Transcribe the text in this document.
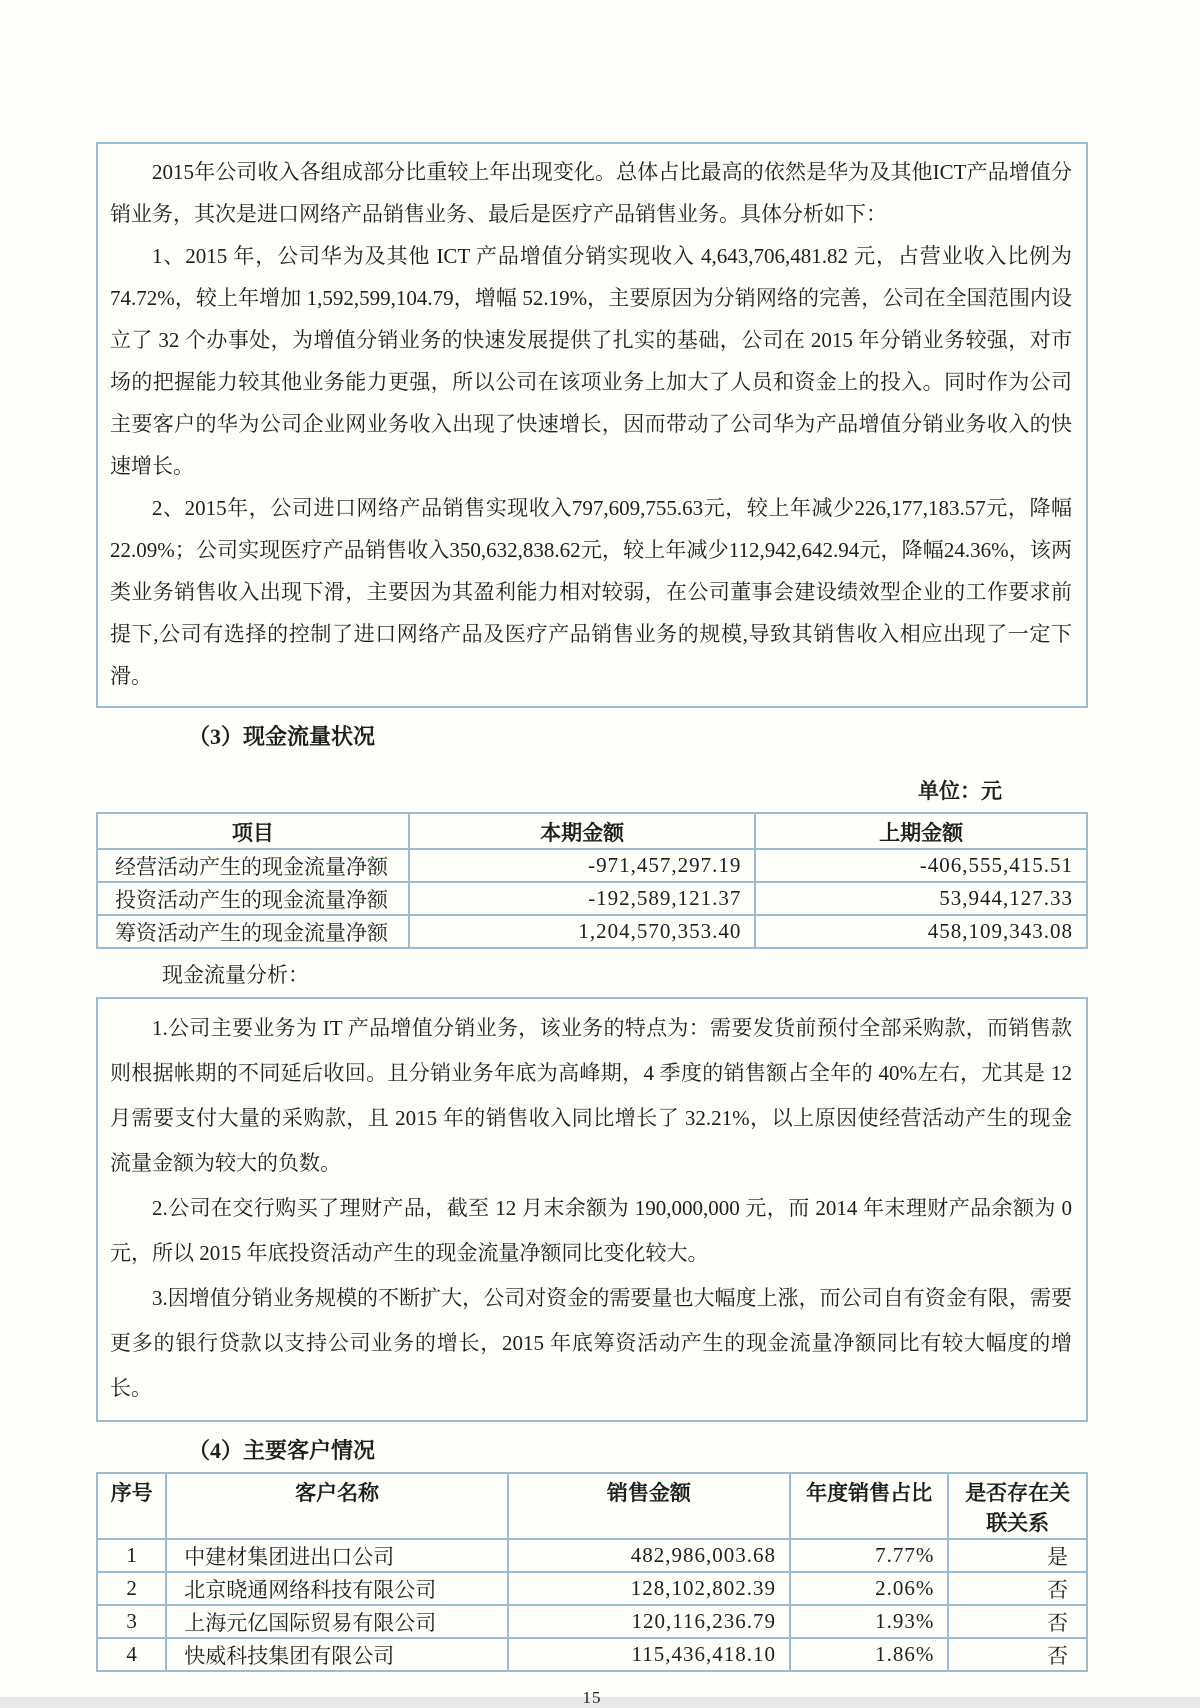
2015年公司收入各组成部分比重较上年出现变化。总体占比最高的依然是华为及其他ICT产品增值分销业务，其次是进口网络产品销售业务、最后是医疗产品销售业务。具体分析如下：

1、2015 年，公司华为及其他 ICT 产品增值分销实现收入 4,643,706,481.82 元，占营业收入比例为74.72%，较上年增加 1,592,599,104.79，增幅 52.19%，主要原因为分销网络的完善，公司在全国范围内设立了 32 个办事处，为增值分销业务的快速发展提供了扎实的基础，公司在 2015 年分销业务较强，对市场的把握能力较其他业务能力更强，所以公司在该项业务上加大了人员和资金上的投入。同时作为公司主要客户的华为公司企业网业务收入出现了快速增长，因而带动了公司华为产品增值分销业务收入的快速增长。

2、2015年，公司进口网络产品销售实现收入797,609,755.63元，较上年减少226,177,183.57元，降幅22.09%；公司实现医疗产品销售收入350,632,838.62元，较上年减少112,942,642.94元，降幅24.36%，该两类业务销售收入出现下滑，主要因为其盈利能力相对较弱，在公司董事会建设绩效型企业的工作要求前提下,公司有选择的控制了进口网络产品及医疗产品销售业务的规模,导致其销售收入相应出现了一定下滑。

（3）现金流量状况
单位：元
项目	本期金额	上期金额
经营活动产生的现金流量净额	-971,457,297.19	-406,555,415.51
投资活动产生的现金流量净额	-192,589,121.37	53,944,127.33
筹资活动产生的现金流量净额	1,204,570,353.40	458,109,343.08
现金流量分析：

1.公司主要业务为 IT 产品增值分销业务，该业务的特点为：需要发货前预付全部采购款，而销售款则根据帐期的不同延后收回。且分销业务年底为高峰期，4 季度的销售额占全年的 40%左右，尤其是 12 月需要支付大量的采购款，且 2015 年的销售收入同比增长了 32.21%，以上原因使经营活动产生的现金流量金额为较大的负数。

2.公司在交行购买了理财产品，截至 12 月末余额为 190,000,000 元，而 2014 年末理财产品余额为 0 元，所以 2015 年底投资活动产生的现金流量净额同比变化较大。

3.因增值分销业务规模的不断扩大，公司对资金的需要量也大幅度上涨，而公司自有资金有限，需要更多的银行贷款以支持公司业务的增长，2015 年底筹资活动产生的现金流量净额同比有较大幅度的增长。

（4）主要客户情况
序号	客户名称	销售金额	年度销售占比	是否存在关联关系
1	中建材集团进出口公司	482,986,003.68	7.77%	是
2	北京晓通网络科技有限公司	128,102,802.39	2.06%	否
3	上海元亿国际贸易有限公司	120,116,236.79	1.93%	否
4	快威科技集团有限公司	115,436,418.10	1.86%	否
15
